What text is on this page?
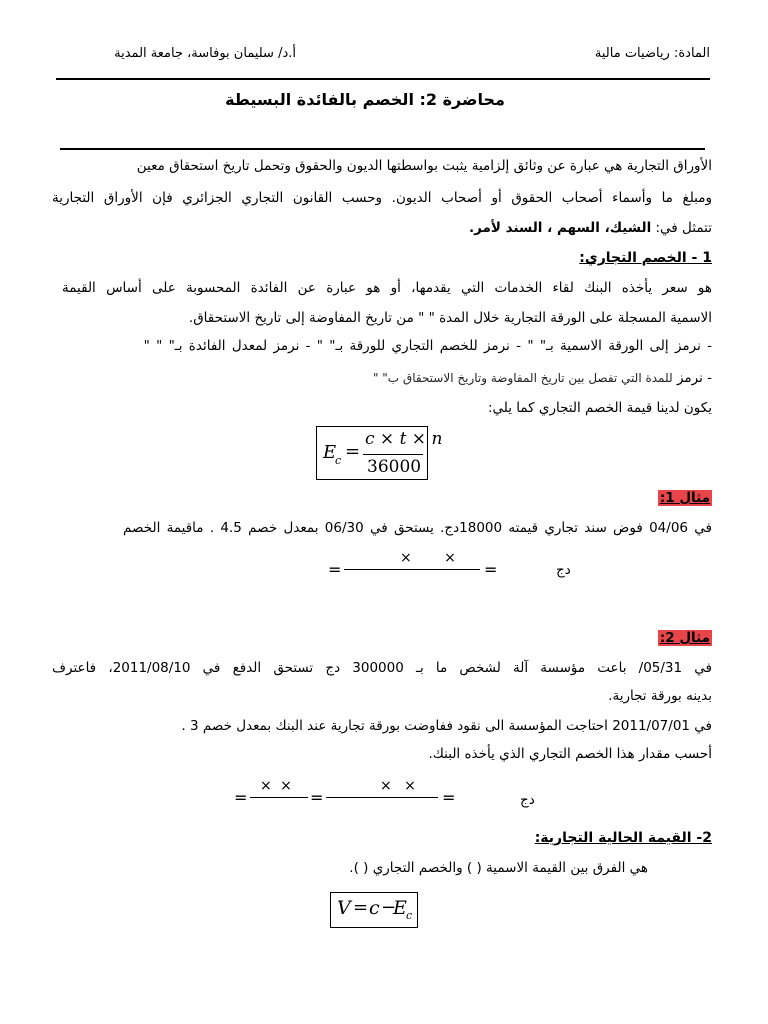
المادة: رياضيات مالية
أ.د/ سليمان بوفاسة، جامعة المدية
محاضرة 2: الخصم بالفائدة البسيطة
الأوراق التجارية هي عبارة عن وثائق إلزامية يثبت بواسطتها الديون والحقوق وتحمل تاريخ استحقاق معين
ومبلغ ما وأسماء أصحاب الحقوق أو أصحاب الديون. وحسب القانون التجاري الجزائري فإن الأوراق التجارية
تتمثل في: الشيك، السهم ، السند لأمر.
1 - الخصم التجاري:
هو سعر يأخذه البنك لقاء الخدمات التي يقدمها، أو هو عبارة عن الفائدة المحسوبة على أساس القيمة
الاسمية المسجلة على الورقة التجارية خلال المدة " " من تاريخ المفاوضة إلى تاريخ الاستحقاق.
- نرمز إلى الورقة الاسمية بـ" " - نرمز للخصم التجاري للورقة بـ" " - نرمز لمعدل الفائدة بـ" " "
- نرمز للمدة التي تفصل بين تاريخ المفاوضة وتاريخ الاستحقاق ب" "
يكون لدينا قيمة الخصم التجاري كما يلي:
E
c =
c × t × n
36000
مثال 1:
في 04/06 فوض سند تجاري قيمته 18000دج. يستحق في 06/30 بمعدل خصم 4.5 . ماقيمة الخصم
=
× ×
=	دج
مثال 2:
في 05/31/ باعت مؤسسة آلة لشخص ما بـ 300000 دج تستحق الدفع في 2011/08/10، فاعترف
بدينه بورقة تجارية.
في 2011/07/01 احتاجت المؤسسة الى نقود ففاوضت بورقة تجارية عند البنك بمعدل خصم 3 .
أحسب مقدار هذا الخصم التجاري الذي يأخذه البنك.
=
× ×
=
× ×
=	دج
2- القيمة الحالية التجارية:
هي الفرق بين القيمة الاسمية ( ) والخصم التجاري ( ).
V = c −
E c
